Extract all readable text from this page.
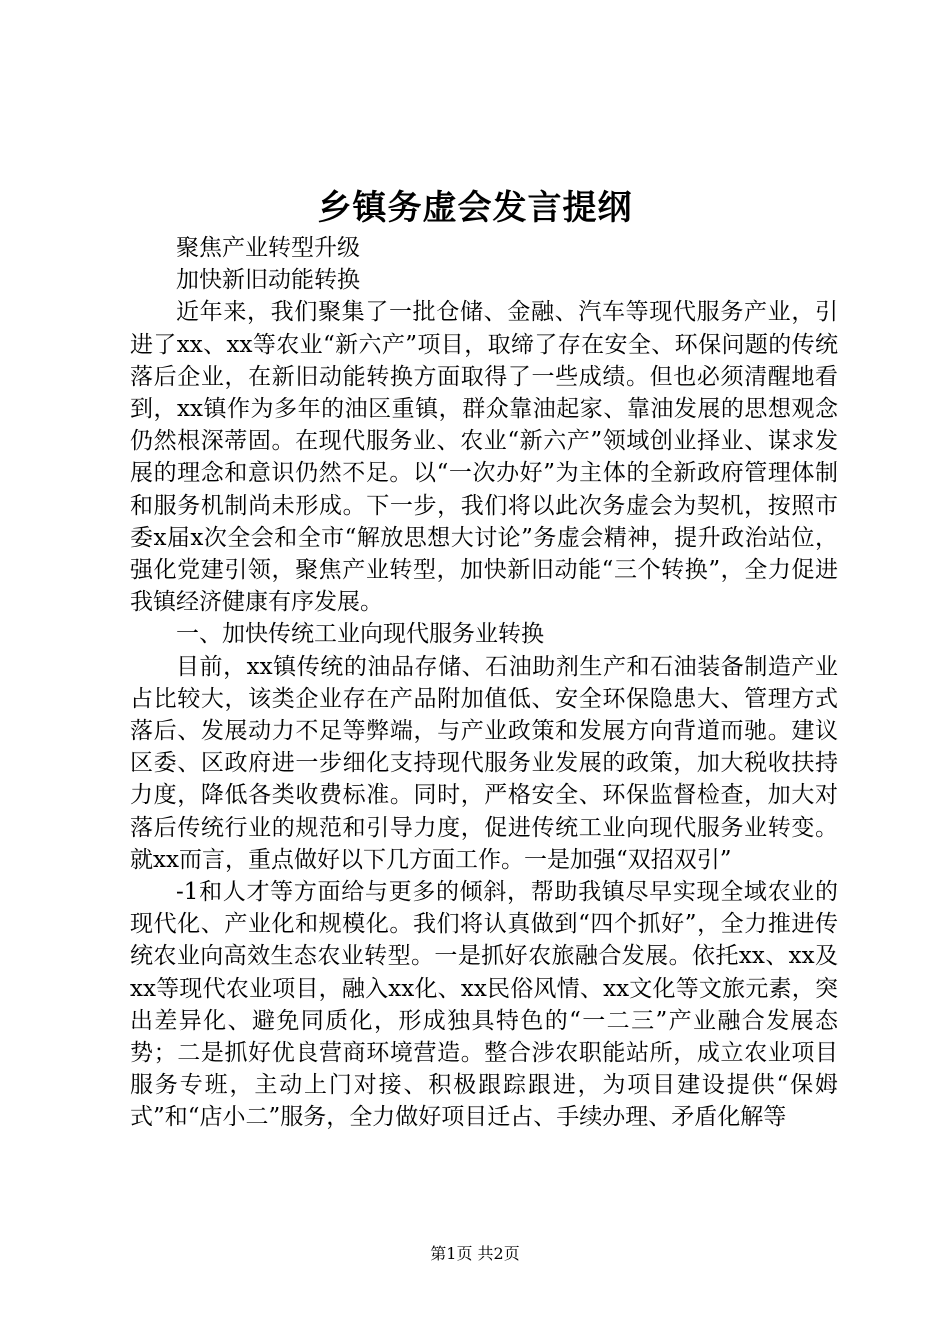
乡镇务虚会发言提纲

聚焦产业转型升级

加快新旧动能转换

近年来，我们聚集了一批仓储、金融、汽车等现代服务产业，引进了xx、xx等农业“新六产”项目，取缔了存在安全、环保问题的传统落后企业，在新旧动能转换方面取得了一些成绩。但也必须清醒地看到，xx镇作为多年的油区重镇，群众靠油起家、靠油发展的思想观念仍然根深蒂固。在现代服务业、农业“新六产”领域创业择业、谋求发展的理念和意识仍然不足。以“一次办好”为主体的全新政府管理体制和服务机制尚未形成。下一步，我们将以此次务虚会为契机，按照市委x届x次全会和全市“解放思想大讨论”务虚会精神，提升政治站位，强化党建引领，聚焦产业转型，加快新旧动能“三个转换”，全力促进我镇经济健康有序发展。

一、加快传统工业向现代服务业转换

目前，xx镇传统的油品存储、石油助剂生产和石油装备制造产业占比较大，该类企业存在产品附加值低、安全环保隐患大、管理方式落后、发展动力不足等弊端，与产业政策和发展方向背道而驰。建议区委、区政府进一步细化支持现代服务业发展的政策，加大税收扶持力度，降低各类收费标准。同时，严格安全、环保监督检查，加大对落后传统行业的规范和引导力度，促进传统工业向现代服务业转变。就xx而言，重点做好以下几方面工作。一是加强“双招双引”

-1和人才等方面给与更多的倾斜，帮助我镇尽早实现全域农业的现代化、产业化和规模化。我们将认真做到“四个抓好”，全力推进传统农业向高效生态农业转型。一是抓好农旅融合发展。依托xx、xx及xx等现代农业项目，融入xx化、xx民俗风情、xx文化等文旅元素，突出差异化、避免同质化，形成独具特色的“一二三”产业融合发展态势；二是抓好优良营商环境营造。整合涉农职能站所，成立农业项目服务专班，主动上门对接、积极跟踪跟进，为项目建设提供“保姆式”和“店小二”服务，全力做好项目迁占、手续办理、矛盾化解等

第1页 共2页
